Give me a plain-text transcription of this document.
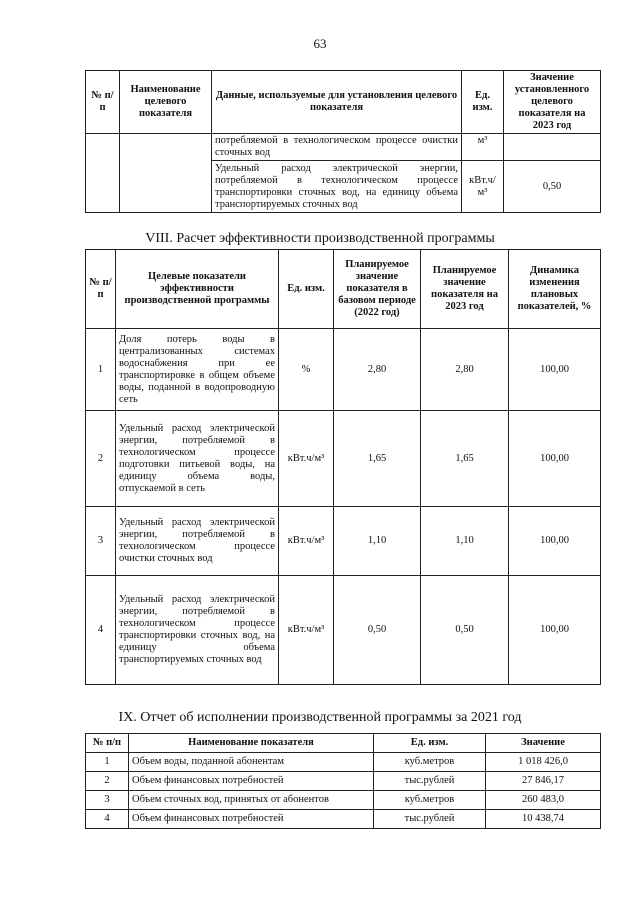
63
№ п/п	Наименование целевого показателя	Данные, используемые для установления целевого показателя	Ед. изм.	Значение установленного целевого показателя на 2023 год
		потребляемой в технологическом процессе очистки сточных вод	м³	
		Удельный расход электрической энергии, потребляемой в технологическом процессе транспортировки сточных вод, на единицу объема транспортируемых сточных вод	кВт.ч/м³	0,50
VIII. Расчет эффективности производственной программы
№ п/п	Целевые показатели эффективности производственной программы	Ед. изм.	Планируемое значение показателя в базовом периоде (2022 год)	Планируемое значение показателя на 2023 год	Динамика изменения плановых показателей, %
1	Доля потерь воды в централизованных системах водоснабжения при ее транспортировке в общем объеме воды, поданной в водопроводную сеть	%	2,80	2,80	100,00
2	Удельный расход электрической энергии, потребляемой в технологическом процессе подготовки питьевой воды, на единицу объема воды, отпускаемой в сеть	кВт.ч/м³	1,65	1,65	100,00
3	Удельный расход электрической энергии, потребляемой в технологическом процессе очистки сточных вод	кВт.ч/м³	1,10	1,10	100,00
4	Удельный расход электрической энергии, потребляемой в технологическом процессе транспортировки сточных вод, на единицу объема транспортируемых сточных вод	кВт.ч/м³	0,50	0,50	100,00
IX. Отчет об исполнении производственной программы за 2021 год
№ п/п	Наименование показателя	Ед. изм.	Значение
1	Объем воды, поданной абонентам	куб.метров	1 018 426,0
2	Объем финансовых потребностей	тыс.рублей	27 846,17
3	Объем сточных вод, принятых от абонентов	куб.метров	260 483,0
4	Объем финансовых потребностей	тыс.рублей	10 438,74
